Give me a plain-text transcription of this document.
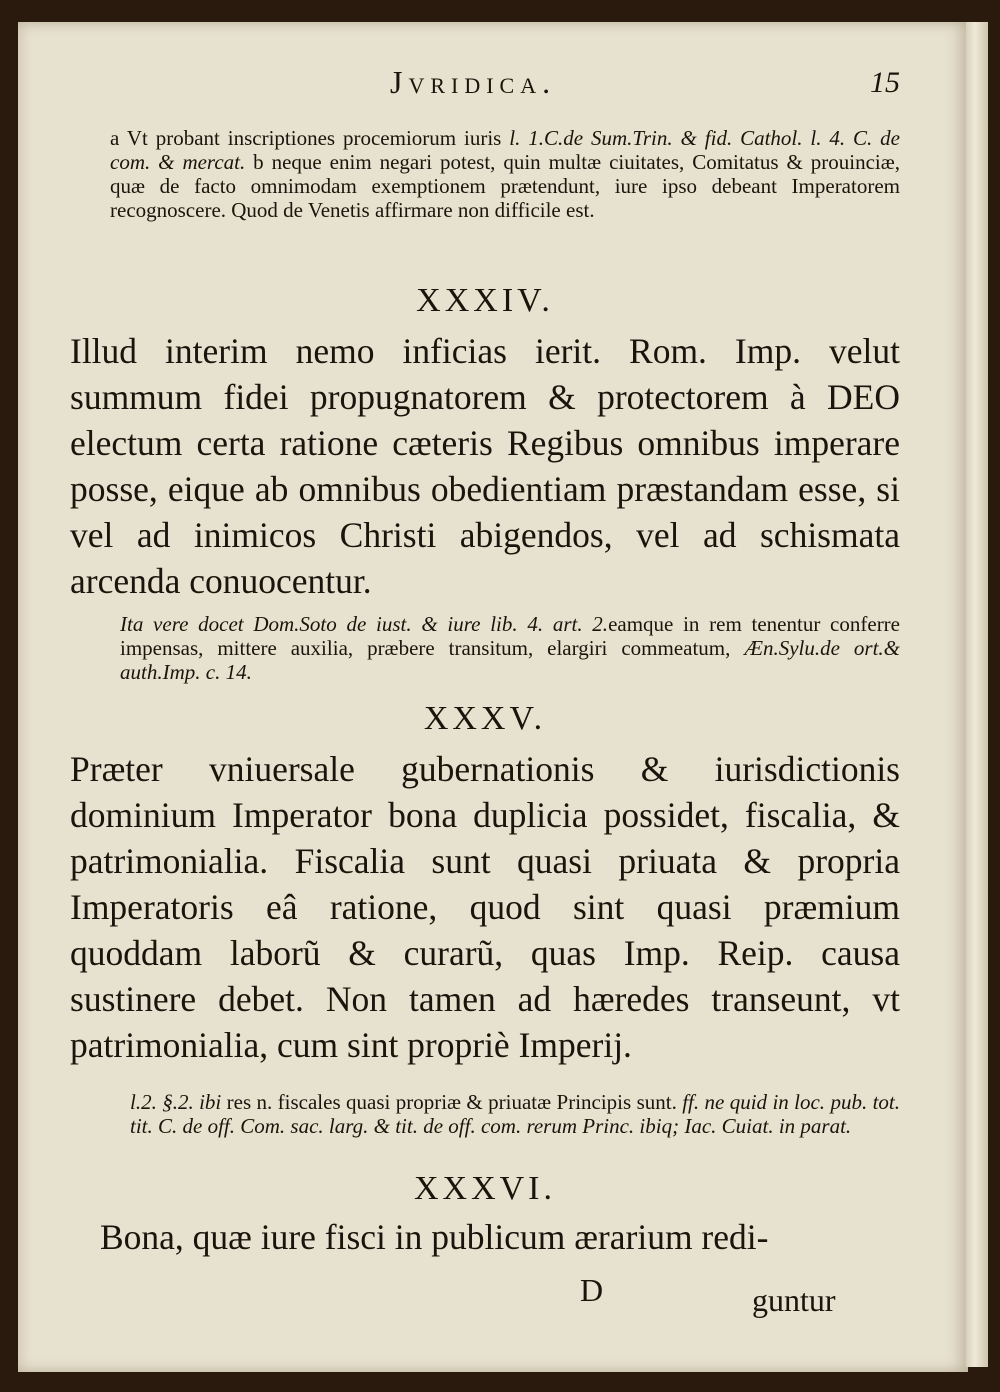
Jvridica.	15

a Vt probant inscriptiones procemiorum iuris l. 1.C.de Sum.Trin. & fid. Cathol. l. 4. C. de com. & mercat. b neque enim negari potest, quin multæ ciuitates, Comitatus & prouinciæ, quæ de facto omnimodam exemptionem prætendunt, iure ipso debeant Imperatorem recognoscere. Quod de Venetis affirmare non difficile est.

XXXIV.

Illud interim nemo inficias ierit. Rom. Imp. velut summum fidei propugnatorem & protectorem à DEO electum certa ratione cæteris Regibus omnibus imperare posse, eique ab omnibus obedientiam præstandam esse, si vel ad inimicos Christi abigendos, vel ad schismata arcenda conuocentur.

Ita vere docet Dom.Soto de iust. & iure lib. 4. art. 2.eamque in rem tenentur conferre impensas, mittere auxilia, præbere transitum, elargiri commeatum, Æn.Sylu.de ort.& auth.Imp. c. 14.

XXXV.

Præter vniuersale gubernationis & iurisdictionis dominium Imperator bona duplicia possidet, fiscalia, & patrimonialia. Fiscalia sunt quasi priuata & propria Imperatoris eâ ratione, quod sint quasi præmium quoddam laborũ & curarũ, quas Imp. Reip. causa sustinere debet. Non tamen ad hæredes transeunt, vt patrimonialia, cum sint propriè Imperij.

l.2. §.2. ibi res n. fiscales quasi propriæ & priuatæ Principis sunt. ff. ne quid in loc. pub. tot. tit. C. de off. Com. sac. larg. & tit. de off. com. rerum Princ. ibiq; Iac. Cuiat. in parat.

XXXVI.

Bona, quæ iure fisci in publicum ærarium redi-

D	guntur
